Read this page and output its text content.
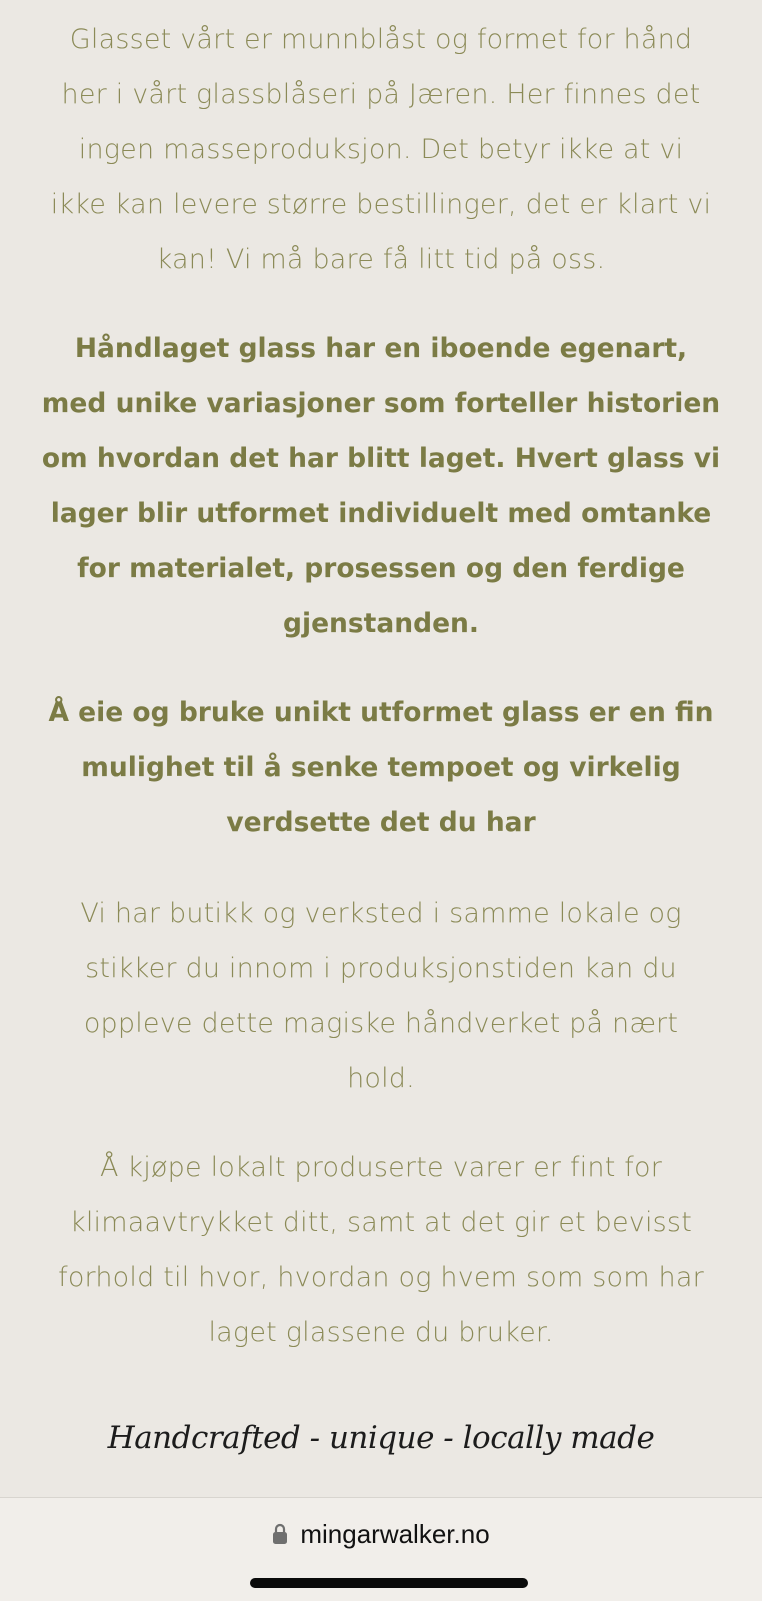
Glasset vårt er munnblåst og formet for hånd
her i vårt glassblåseri på Jæren. Her finnes det
ingen masseproduksjon. Det betyr ikke at vi
ikke kan levere større bestillinger, det er klart vi
kan! Vi må bare få litt tid på oss.

Håndlaget glass har en iboende egenart,
med unike variasjoner som forteller historien
om hvordan det har blitt laget. Hvert glass vi
lager blir utformet individuelt med omtanke
for materialet, prosessen og den ferdige
gjenstanden.

Å eie og bruke unikt utformet glass er en fin
mulighet til å senke tempoet og virkelig
verdsette det du har

Vi har butikk og verksted i samme lokale og
stikker du innom i produksjonstiden kan du
oppleve dette magiske håndverket på nært
hold.

Å kjøpe lokalt produserte varer er fint for
klimaavtrykket ditt, samt at det gir et bevisst
forhold til hvor, hvordan og hvem som som har
laget glassene du bruker.

Handcrafted - unique - locally made

mingarwalker.no
